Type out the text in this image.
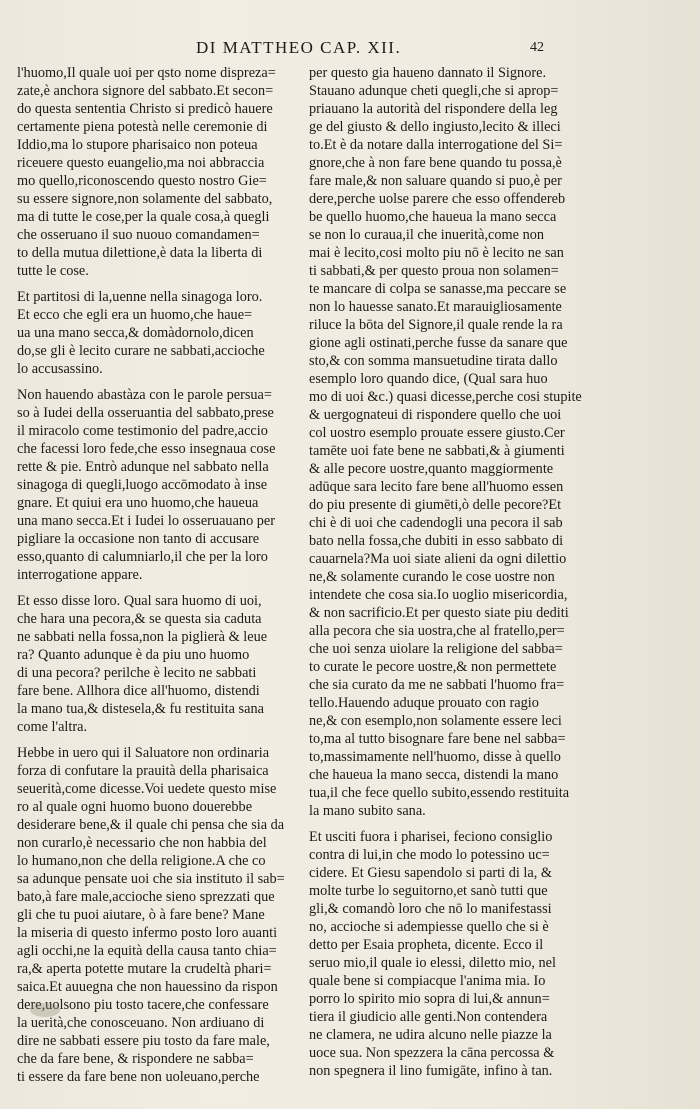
DI MATTHEO CAP. XII.	42
l'huomo,Il quale uoi per qsto nome dispreza=
zate,è anchora signore del sabbato.Et secon=
do questa sententia Christo si predicò hauere
certamente piena potestà nelle ceremonie di
Iddio,ma lo stupore pharisaico non poteua
riceuere questo euangelio,ma noi abbraccia
mo quello,riconoscendo questo nostro Gie=
su essere signore,non solamente del sabbato,
ma di tutte le cose,per la quale cosa,à quegli
che osseruano il suo nuouo comandamen=
to della mutua dilettione,è data la liberta di
tutte le cose.
Et partitosi di la,uenne nella sinagoga loro.
Et ecco che egli era un huomo,che haue=
ua una mano secca,& domàdornolo,dicen
do,se gli è lecito curare ne sabbati,accioche
lo accusassino.
Non hauendo abastàza con le parole persua=
so à Iudei della osseruantia del sabbato,prese
il miracolo come testimonio del padre,accio
che facessi loro fede,che esso insegnaua cose
rette & pie. Entrò adunque nel sabbato nella
sinagoga di quegli,luogo accōmodato à inse
gnare. Et quiui era uno huomo,che haueua
una mano secca.Et i Iudei lo osseruauano per
pigliare la occasione non tanto di accusare
esso,quanto di calumniarlo,il che per la loro
interrogatione appare.
Et esso disse loro. Qual sara huomo di uoi,
che hara una pecora,& se questa sia caduta
ne sabbati nella fossa,non la piglierà & leue
ra? Quanto adunque è da piu uno huomo
di una pecora? perilche è lecito ne sabbati
fare bene. Allhora dice all'huomo, distendi
la mano tua,& distesela,& fu restituita sana
come l'altra.
Hebbe in uero qui il Saluatore non ordinaria
forza di confutare la prauità della pharisaica
seuerità,come dicesse.Voi uedete questo mise
ro al quale ogni huomo buono douerebbe
desiderare bene,& il quale chi pensa che sia da
non curarlo,è necessario che non habbia del
lo humano,non che della religione.A che co
sa adunque pensate uoi che sia instituto il sab=
bato,à fare male,accioche sieno sprezzati que
gli che tu puoi aiutare, ò à fare bene? Mane
la miseria di questo infermo posto loro auanti
agli occhi,ne la equità della causa tanto chia=
ra,& aperta potette mutare la crudeltà phari=
saica.Et auuegna che non hauessino da rispon
dere,uolsono piu tosto tacere,che confessare
la uerità,che conosceuano. Non ardiuano di
dire ne sabbati essere piu tosto da fare male,
che da fare bene, & rispondere ne sabba=
ti essere da fare bene non uoleuano,perche
per questo gia haueno dannato il Signore.
Stauano adunque cheti quegli,che si aprop=
priauano la autorità del rispondere della leg
ge del giusto & dello ingiusto,lecito & illeci
to.Et è da notare dalla interrogatione del Si=
gnore,che à non fare bene quando tu possa,è
fare male,& non saluare quando si puo,è per
dere,perche uolse parere che esso offendereb
be quello huomo,che haueua la mano secca
se non lo curaua,il che inuerità,come non
mai è lecito,cosi molto piu nō è lecito ne san
ti sabbati,& per questo proua non solamen=
te mancare di colpa se sanasse,ma peccare se
non lo hauesse sanato.Et marauigliosamente
riluce la bōta del Signore,il quale rende la ra
gione agli ostinati,perche fusse da sanare que
sto,& con somma mansuetudine tirata dallo
esemplo loro quando dice, (Qual sara huo
mo di uoi &c.) quasi dicesse,perche cosi stupite
& uergognateui di rispondere quello che uoi
col uostro esemplo prouate essere giusto.Cer
tamēte uoi fate bene ne sabbati,& à giumenti
& alle pecore uostre,quanto maggiormente
adūque sara lecito fare bene all'huomo essen
do piu presente di giumēti,ò delle pecore?Et
chi è di uoi che cadendogli una pecora il sab
bato nella fossa,che dubiti in esso sabbato di
cauarnela?Ma uoi siate alieni da ogni dilettio
ne,& solamente curando le cose uostre non
intendete che cosa sia.Io uoglio misericordia,
& non sacrificio.Et per questo siate piu dediti
alla pecora che sia uostra,che al fratello,per=
che uoi senza uiolare la religione del sabba=
to curate le pecore uostre,& non permettete
che sia curato da me ne sabbati l'huomo fra=
tello.Hauendo aduque prouato con ragio
ne,& con esemplo,non solamente essere leci
to,ma al tutto bisognare fare bene nel sabba=
to,massimamente nell'huomo, disse à quello
che haueua la mano secca, distendi la mano
tua,il che fece quello subito,essendo restituita
la mano subito sana.
Et usciti fuora i pharisei, feciono consiglio
contra di lui,in che modo lo potessino uc=
cidere. Et Giesu sapendolo si parti di la, &
molte turbe lo seguitorno,et sanò tutti que
gli,& comandò loro che nō lo manifestassi
no, accioche si adempiesse quello che si è
detto per Esaia propheta, dicente. Ecco il
seruo mio,il quale io elessi, diletto mio, nel
quale bene si compiacque l'anima mia. Io
porro lo spirito mio sopra di lui,& annun=
tiera il giudicio alle genti.Non contendera
ne clamera, ne udira alcuno nelle piazze la
uoce sua. Non spezzera la cāna percossa &
non spegnera il lino fumigāte, infino à tan.
